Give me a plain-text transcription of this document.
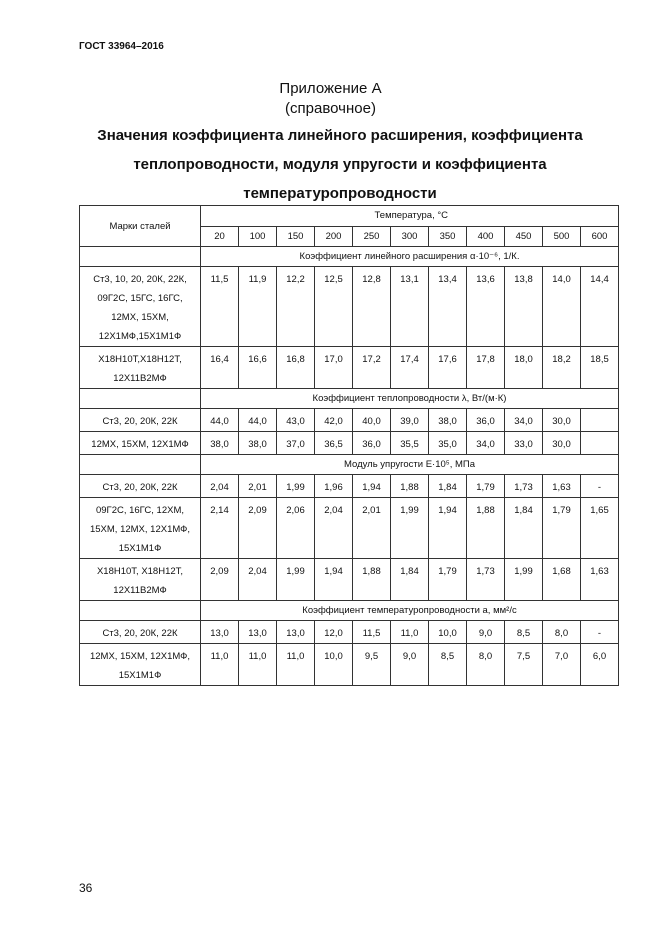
ГОСТ 33964–2016
Приложение А
(справочное)
Значения коэффициента линейного расширения, коэффициента
теплопроводности, модуля упругости и коэффициента
температуропроводности
Марки сталей	Температура, °С										
	20	100	150	200	250	300	350	400	450	500	600
	Коэффициент линейного расширения α·10⁻⁶, 1/К.										

Ст3, 10, 20, 20К, 22К,
09Г2С, 15ГС, 16ГС,
12МХ, 15ХМ,
12Х1МФ,15Х1М1Ф	11,5	11,9	12,2	12,5	12,8	13,1	13,4	13,6	13,8	14,0	14,4

Х18Н10Т,Х18Н12Т,
12Х11В2МФ	16,4	16,6	16,8	17,0	17,2	17,4	17,6	17,8	18,0	18,2	18,5
	Коэффициент теплопроводности λ, Вт/(м·К)										

Ст3, 20, 20К, 22К	44,0	44,0	43,0	42,0	40,0	39,0	38,0	36,0	34,0	30,0	

12МХ, 15ХМ, 12Х1МФ	38,0	38,0	37,0	36,5	36,0	35,5	35,0	34,0	33,0	30,0	
	Модуль упругости E·10⁵, МПа										

Ст3, 20, 20К, 22К	2,04	2,01	1,99	1,96	1,94	1,88	1,84	1,79	1,73	1,63	-

09Г2С, 16ГС, 12ХМ,
15ХМ, 12МХ, 12Х1МФ,
15Х1М1Ф	2,14	2,09	2,06	2,04	2,01	1,99	1,94	1,88	1,84	1,79	1,65

Х18Н10Т, Х18Н12Т,
12Х11В2МФ	2,09	2,04	1,99	1,94	1,88	1,84	1,79	1,73	1,99	1,68	1,63
	Коэффициент температуропроводности a, мм²/с										

Ст3, 20, 20К, 22К	13,0	13,0	13,0	12,0	11,5	11,0	10,0	9,0	8,5	8,0	-

12МХ, 15ХМ, 12Х1МФ,
15Х1М1Ф	11,0	11,0	11,0	10,0	9,5	9,0	8,5	8,0	7,5	7,0	6,0
36
